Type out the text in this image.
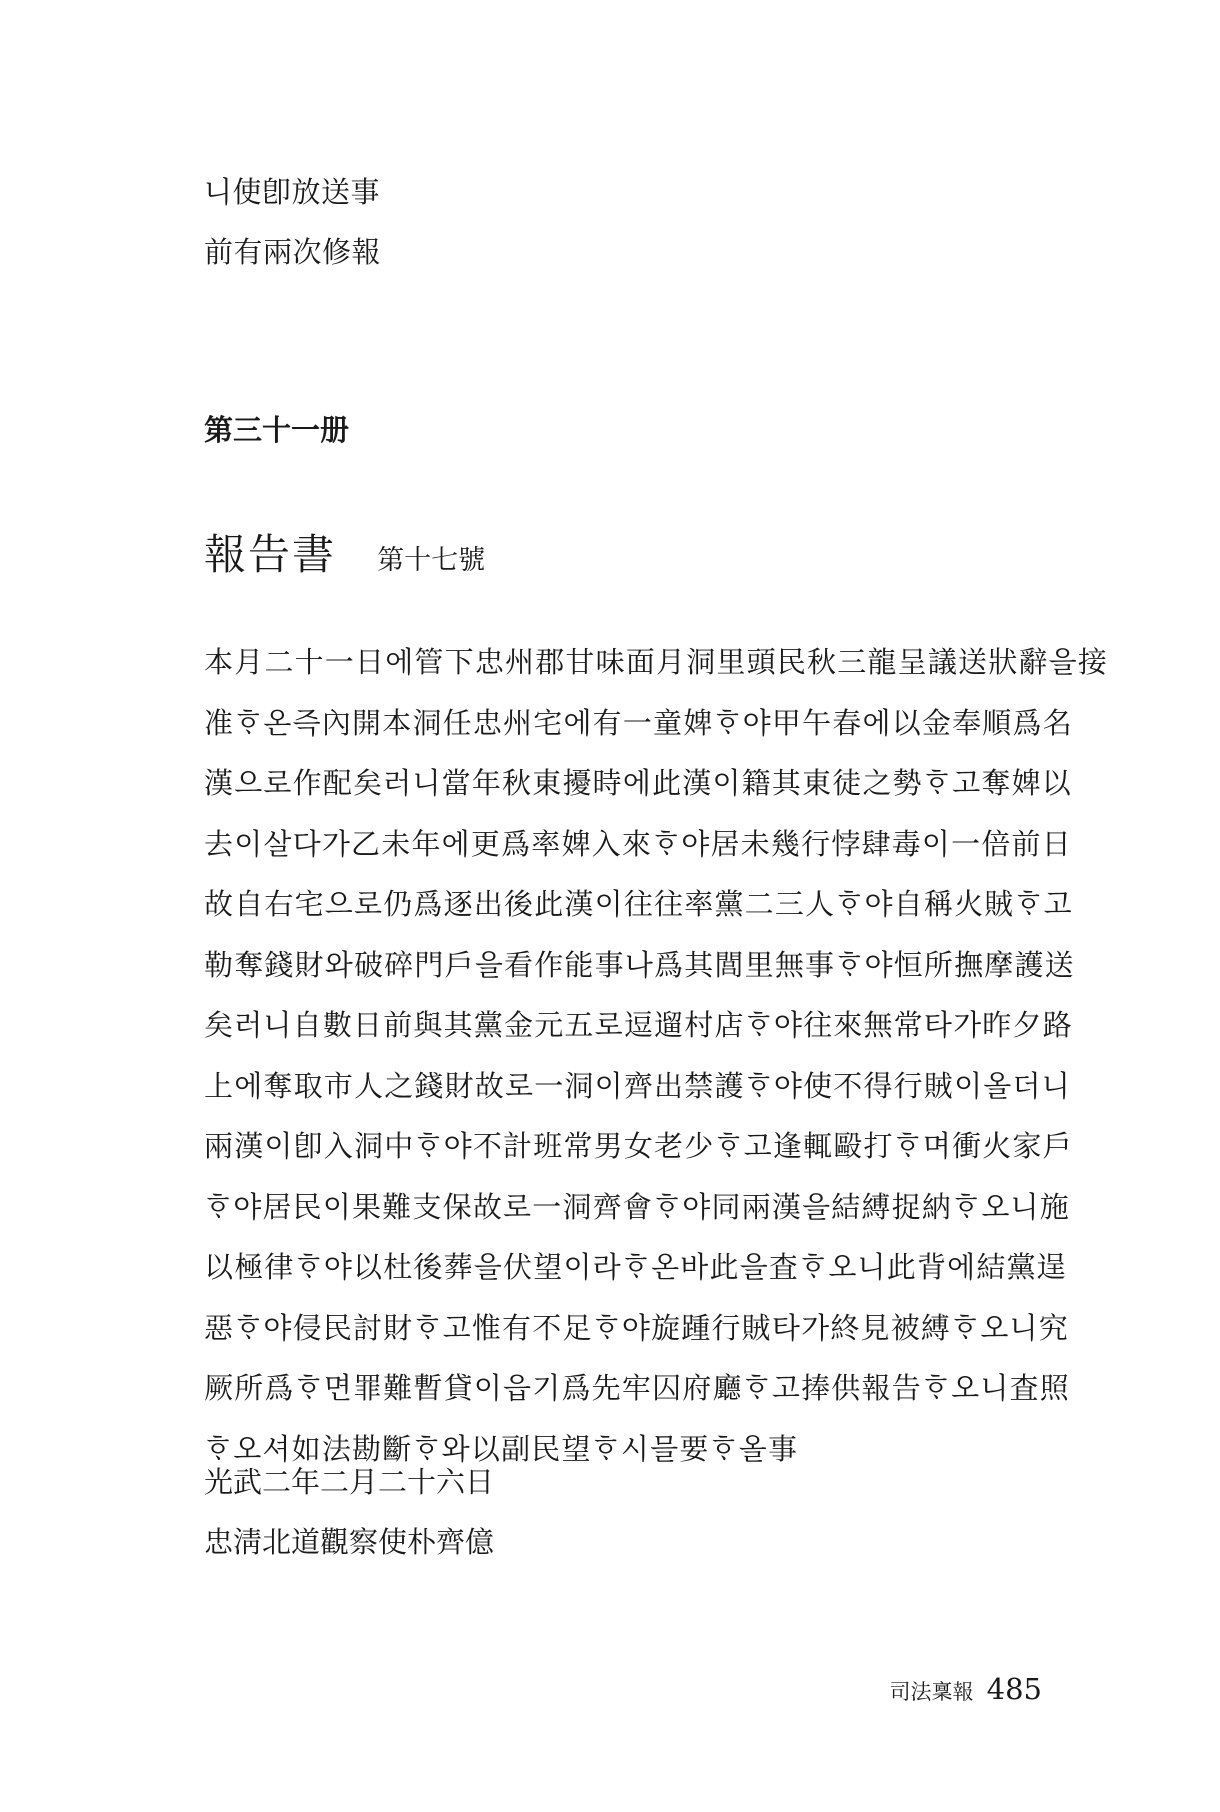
니使卽放送事
前有兩次修報
第三十一册
報告書 第十七號
本月二十一日에管下忠州郡甘味面月洞里頭民秋三龍呈議送狀辭을接
准ᄒᆞ온즉內開本洞任忠州宅에有一童婢ᄒᆞ야甲午春에以金奉順爲名
漢으로作配矣러니當年秋東擾時에此漢이籍其東徒之勢ᄒᆞ고奪婢以
去이살다가乙未年에更爲率婢入來ᄒᆞ야居未幾行悖肆毒이一倍前日
故自右宅으로仍爲逐出後此漢이往往率黨二三人ᄒᆞ야自稱火賊ᄒᆞ고
勒奪錢財와破碎門戶을看作能事나爲其閭里無事ᄒᆞ야恒所撫摩護送
矣러니自數日前與其黨金元五로逗遛村店ᄒᆞ야往來無常타가昨夕路
上에奪取市人之錢財故로一洞이齊出禁護ᄒᆞ야使不得行賊이올더니
兩漢이卽入洞中ᄒᆞ야不計班常男女老少ᄒᆞ고逢輒毆打ᄒᆞ며衝火家戶
ᄒᆞ야居民이果難支保故로一洞齊會ᄒᆞ야同兩漢을結縛捉納ᄒᆞ오니施
以極律ᄒᆞ야以杜後葬을伏望이라ᄒᆞ온바此을査ᄒᆞ오니此背에結黨逞
惡ᄒᆞ야侵民討財ᄒᆞ고惟有不足ᄒᆞ야旋踵行賊타가終見被縛ᄒᆞ오니究
厥所爲ᄒᆞ면罪難暫貸이읍기爲先牢囚府廳ᄒᆞ고捧供報告ᄒᆞ오니査照
ᄒᆞ오셔如法勘斷ᄒᆞ와以副民望ᄒᆞ시믈要ᄒᆞ올事
光武二年二月二十六日
忠淸北道觀察使朴齊億
司法稟報 485
